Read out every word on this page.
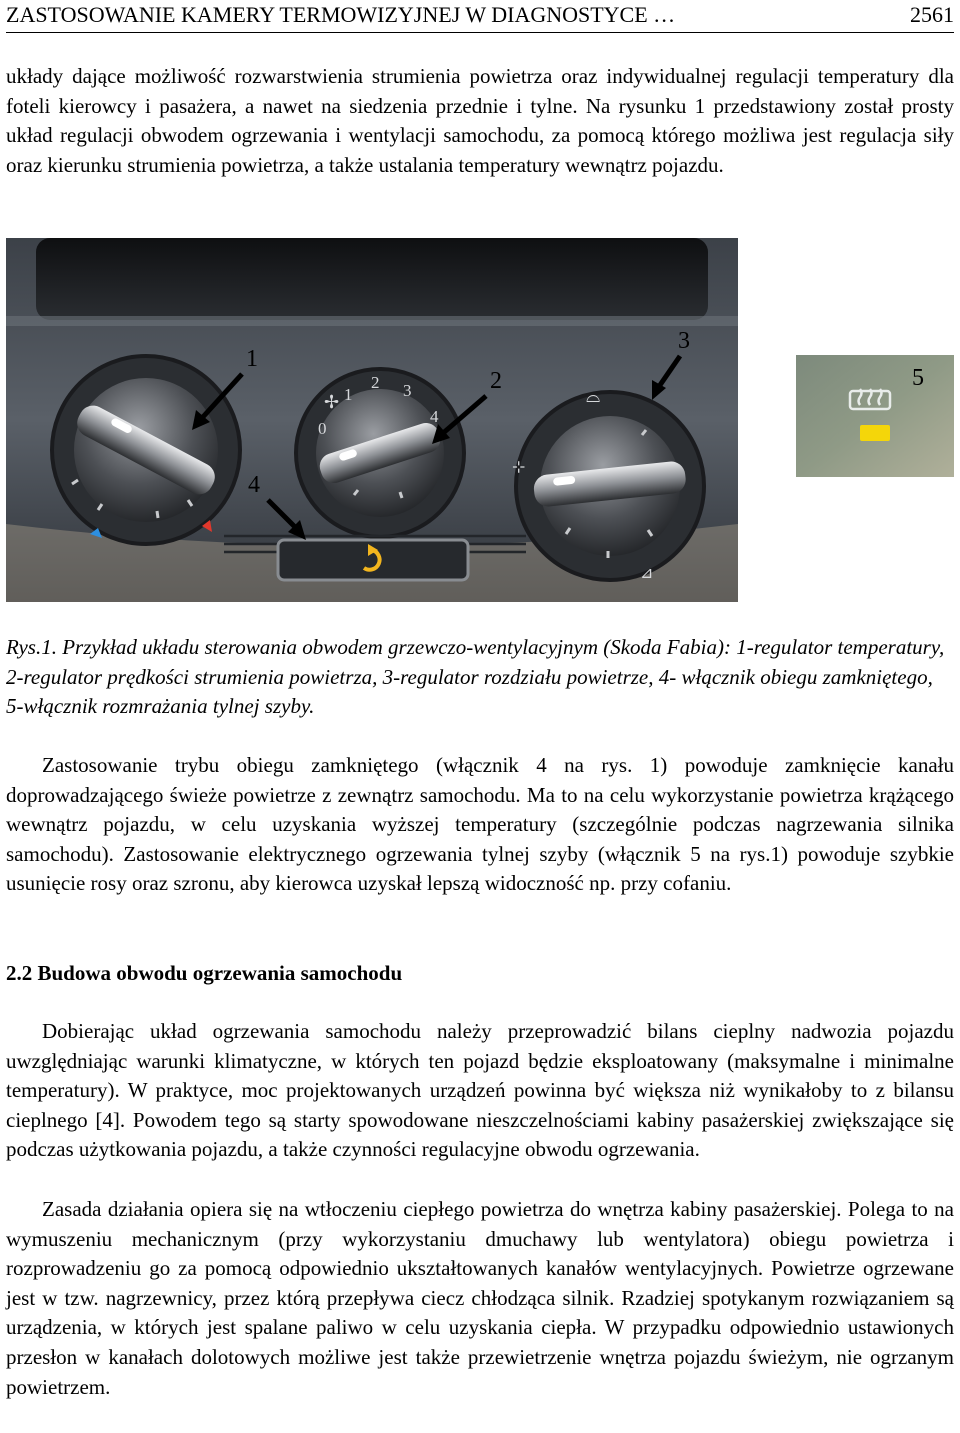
ZASTOSOWANIE KAMERY TERMOWIZYJNEJ W DIAGNOSTYCE …	2561

układy dające możliwość rozwarstwienia strumienia powietrza oraz indywidualnej regulacji temperatury dla foteli kierowcy i pasażera, a nawet na siedzenia przednie i tylne. Na rysunku 1 przedstawiony został prosty układ regulacji obwodem ogrzewania i wentylacji samochodu, za pomocą którego możliwa jest regulacja siły oraz kierunku strumienia powietrza, a także ustalania temperatury wewnątrz pojazdu.

0
1
2 3
4
✢	⌓
⊹
⊿
1
2
3
4
5

Rys.1. Przykład układu sterowania obwodem grzewczo-wentylacyjnym (Skoda Fabia): 1-regulator temperatury, 2-regulator prędkości strumienia powietrza, 3-regulator rozdziału powietrze, 4- włącznik obiegu zamkniętego, 5-włącznik rozmrażania tylnej szyby.

Zastosowanie trybu obiegu zamkniętego (włącznik 4 na rys. 1) powoduje zamknięcie kanału doprowadzającego świeże powietrze z zewnątrz samochodu. Ma to na celu wykorzystanie powietrza krążącego wewnątrz pojazdu, w celu uzyskania wyższej temperatury (szczególnie podczas nagrzewania silnika samochodu). Zastosowanie elektrycznego ogrzewania tylnej szyby (włącznik 5 na rys.1) powoduje szybkie usunięcie rosy oraz szronu, aby kierowca uzyskał lepszą widoczność np. przy cofaniu.

2.2 Budowa obwodu ogrzewania samochodu

Dobierając układ ogrzewania samochodu należy przeprowadzić bilans cieplny nadwozia pojazdu uwzględniając warunki klimatyczne, w których ten pojazd będzie eksploatowany (maksymalne i minimalne temperatury). W praktyce, moc projektowanych urządzeń powinna być większa niż wynikałoby to z bilansu cieplnego [4]. Powodem tego są starty spowodowane nieszczelnościami kabiny pasażerskiej zwiększające się podczas użytkowania pojazdu, a także czynności regulacyjne obwodu ogrzewania.

Zasada działania opiera się na wtłoczeniu ciepłego powietrza do wnętrza kabiny pasażerskiej. Polega to na wymuszeniu mechanicznym (przy wykorzystaniu dmuchawy lub wentylatora) obiegu powietrza i rozprowadzeniu go za pomocą odpowiednio ukształtowanych kanałów wentylacyjnych. Powietrze ogrzewane jest w tzw. nagrzewnicy, przez którą przepływa ciecz chłodząca silnik. Rzadziej spotykanym rozwiązaniem są urządzenia, w których jest spalane paliwo w celu uzyskania ciepła. W przypadku odpowiednio ustawionych przesłon w kanałach dolotowych możliwe jest także przewietrzenie wnętrza pojazdu świeżym, nie ogrzanym powietrzem.
